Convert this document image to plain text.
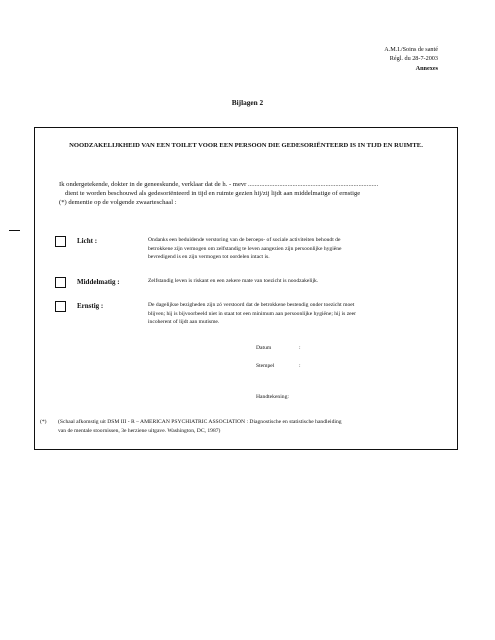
A.M.I./Soins de santé
Régl. du 28-7-2003
Annexes
Bijlagen 2
NOODZAKELIJKHEID VAN EEN TOILET VOOR EEN PERSOON DIE GEDESORIËNTEERD IS IN TIJD EN RUIMTE.
Ik ondergetekende, dokter in de geneeskunde, verklaar dat de h. - mevr ...............................................................................
dient te worden beschouwd als gedesoriënteerd in tijd en ruimte gezien hij/zij lijdt aan middelmatige of ernstige
(*) dementie op de volgende zwaarteschaal :
Licht :	Ondanks een beduidende verstoring van de beroeps- of sociale activiteiten behoudt de
betrokkene zijn vermogen om zelfstandig te leven aangezien zijn persoonlijke hygiëne
bevredigend is en zijn vermogen tot oordelen intact is.
Middelmatig :	Zelfstandig leven is riskant en een zekere mate van toezicht is noodzakelijk.
Ernstig :	De dagelijkse bezigheden zijn zó verstoord dat de betrokkene bestendig onder toezicht moet
blijven; hij is bijvoorbeeld niet in staat tot een minimum aan persoonlijke hygiëne; hij is zeer
incoherent of lijdt aan mutisme.
Datum	:
Stempel	:
Handtekening:
(*) (Schaal afkomstig uit DSM III - R – AMERICAN PSYCHIATRIC ASSOCIATION : Diagnostische en statistische handleiding
van de mentale stoornissen, 3e herziene uitgave. Washington, DC, 1987)
